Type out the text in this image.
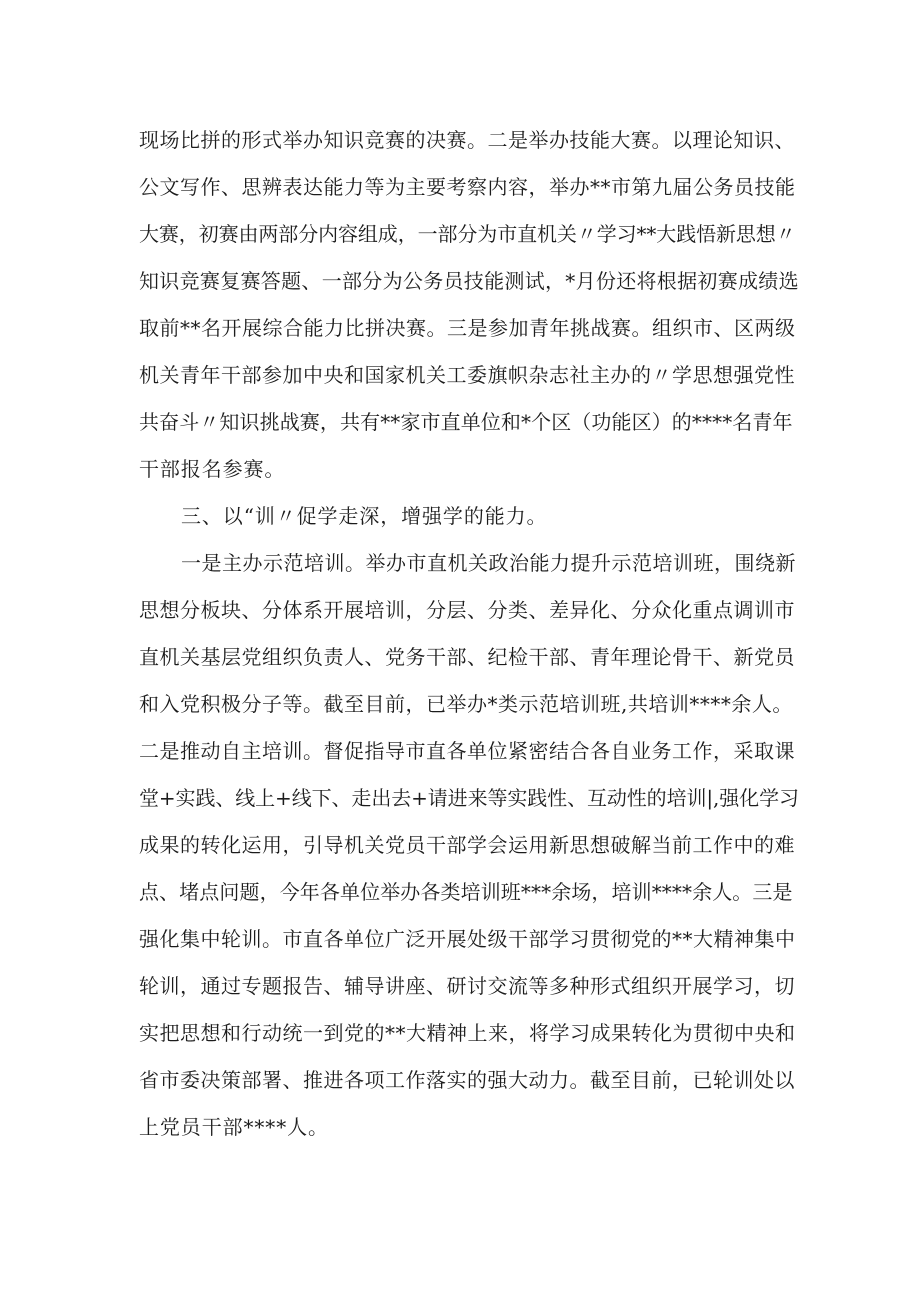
现场比拼的形式举办知识竞赛的决赛。二是举办技能大赛。以理论知识、
公文写作、思辨表达能力等为主要考察内容，举办**市第九届公务员技能
大赛，初赛由两部分内容组成，一部分为市直机关〃学习**大践悟新思想〃
知识竞赛复赛答题、一部分为公务员技能测试，*月份还将根据初赛成绩选
取前**名开展综合能力比拼决赛。三是参加青年挑战赛。组织市、区两级
机关青年干部参加中央和国家机关工委旗帜杂志社主办的〃学思想强党性
共奋斗〃知识挑战赛，共有**家市直单位和*个区（功能区）的****名青年
干部报名参赛。
三、以“训〃促学走深，增强学的能力。
一是主办示范培训。举办市直机关政治能力提升示范培训班，围绕新
思想分板块、分体系开展培训，分层、分类、差异化、分众化重点调训市
直机关基层党组织负责人、党务干部、纪检干部、青年理论骨干、新党员
和入党积极分子等。截至目前，已举办*类示范培训班,共培训****余人。
二是推动自主培训。督促指导市直各单位紧密结合各自业务工作，采取课
堂+实践、线上+线下、走出去+请进来等实践性、互动性的培训|,强化学习
成果的转化运用，引导机关党员干部学会运用新思想破解当前工作中的难
点、堵点问题，今年各单位举办各类培训班***余场，培训****余人。三是
强化集中轮训。市直各单位广泛开展处级干部学习贯彻党的**大精神集中
轮训，通过专题报告、辅导讲座、研讨交流等多种形式组织开展学习，切
实把思想和行动统一到党的**大精神上来，将学习成果转化为贯彻中央和
省市委决策部署、推进各项工作落实的强大动力。截至目前，已轮训处以
上党员干部****人。
